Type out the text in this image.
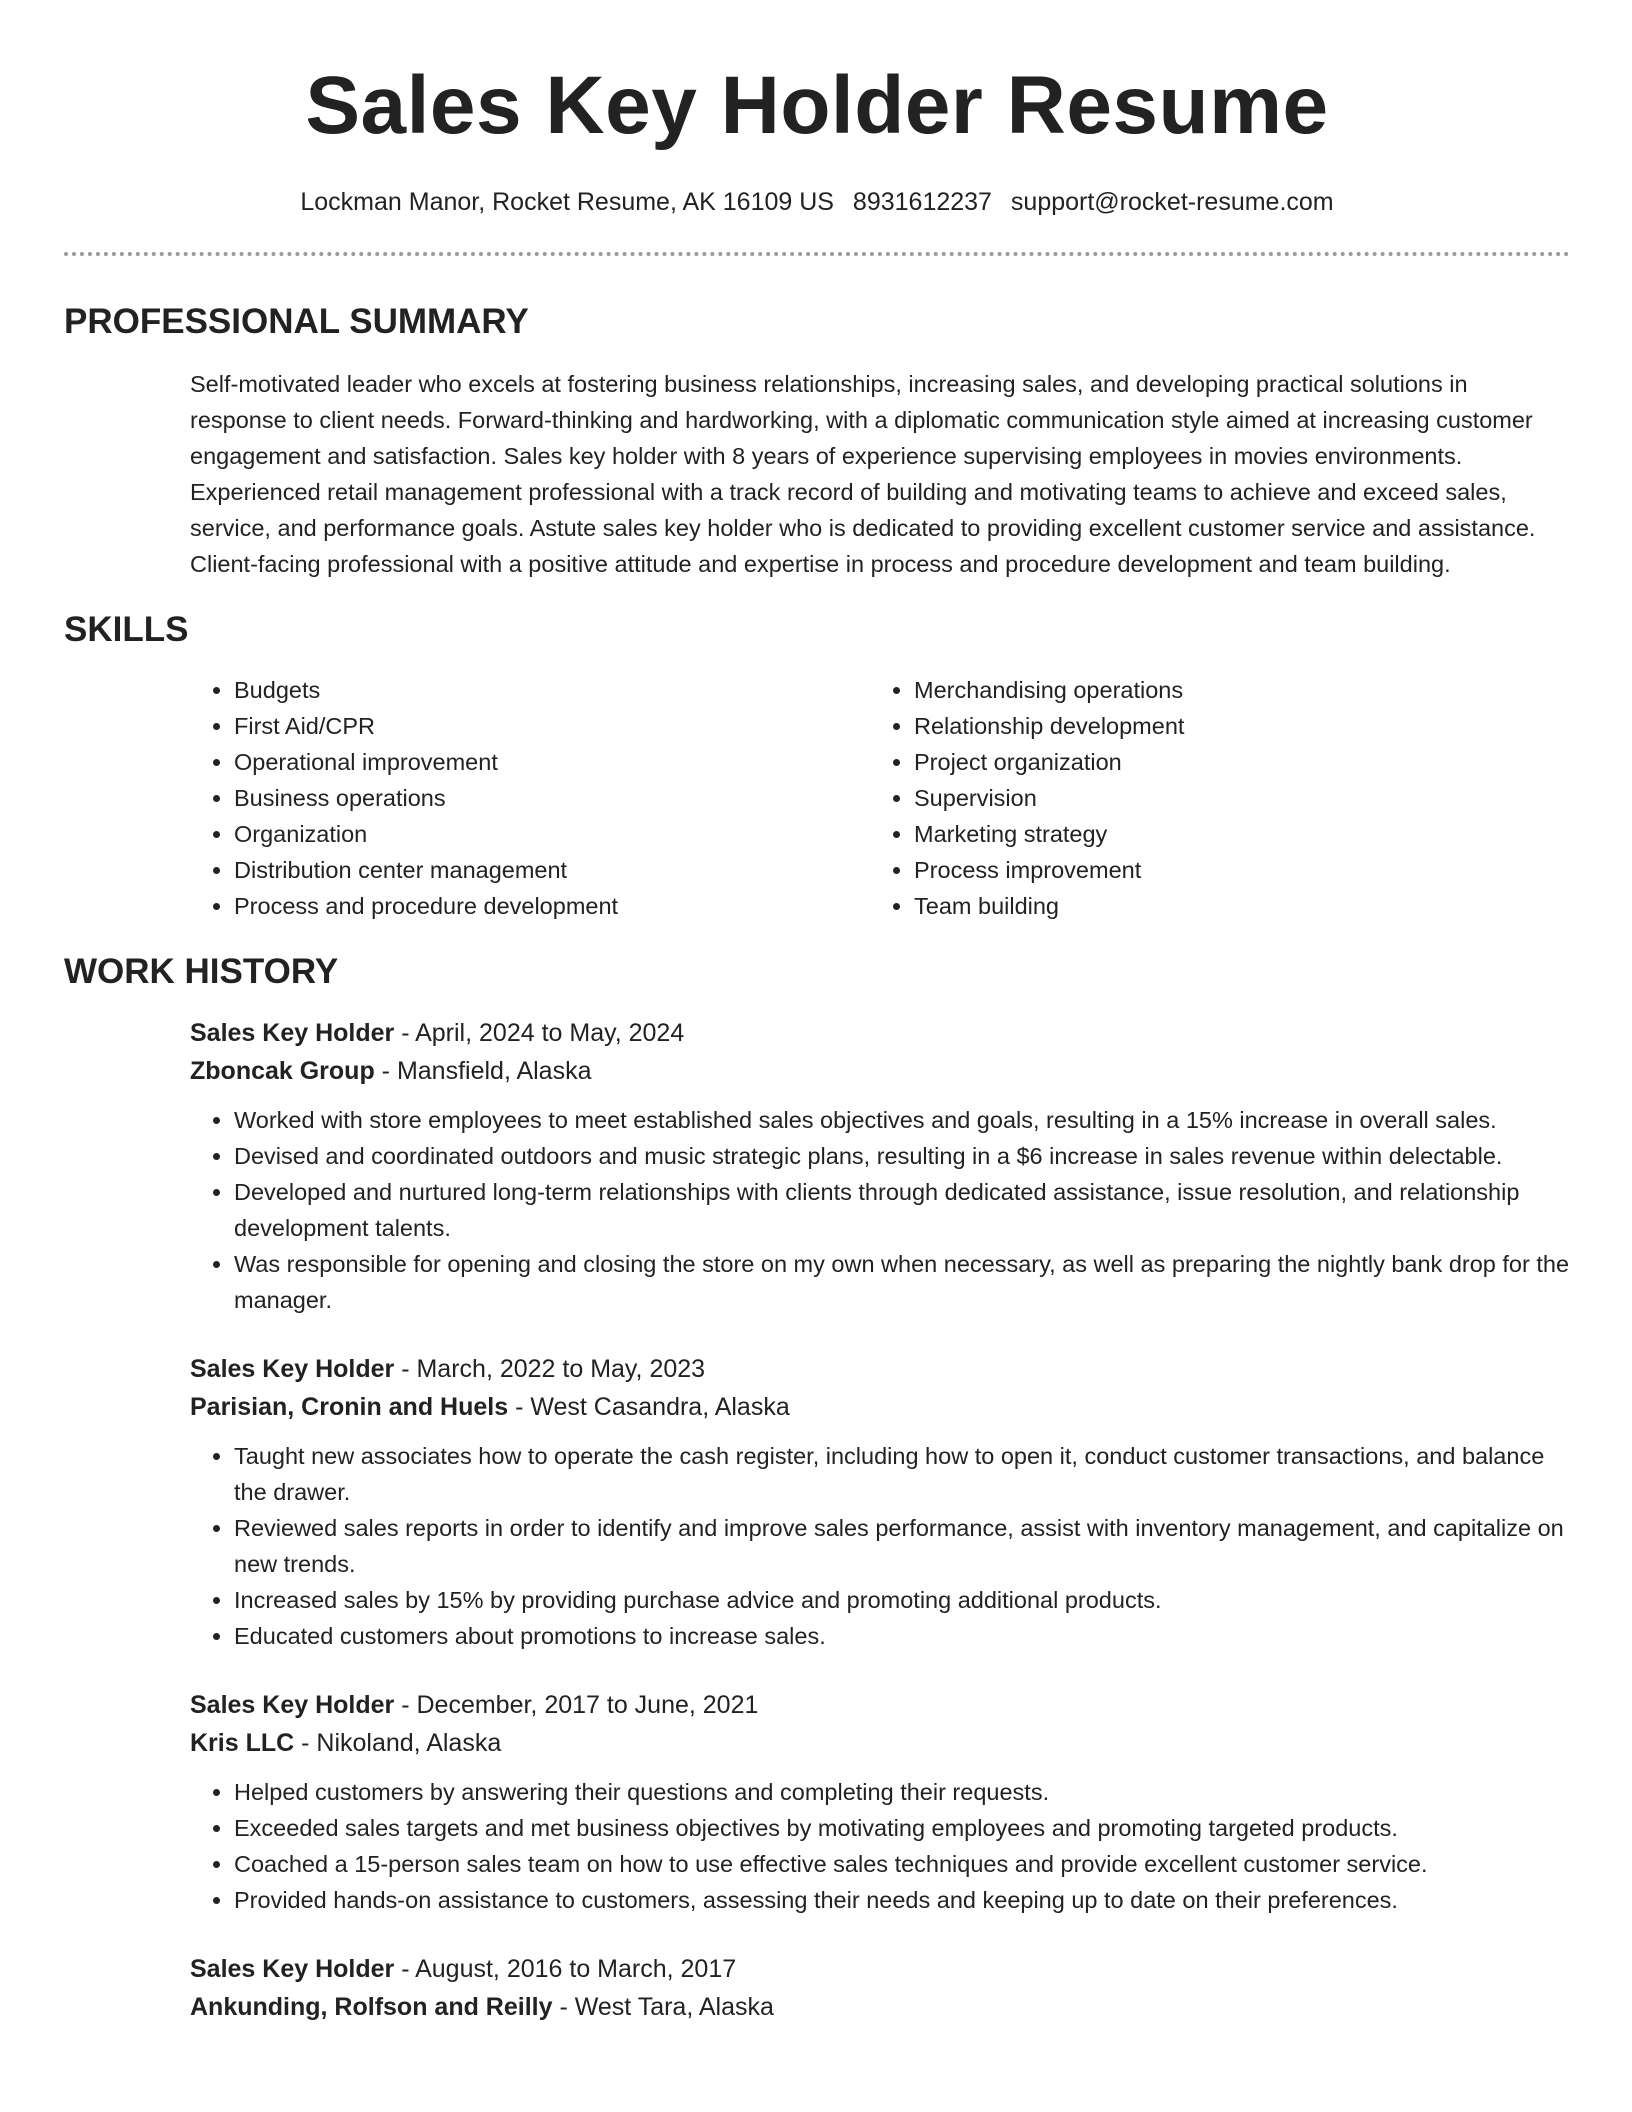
Sales Key Holder Resume
Lockman Manor, Rocket Resume, AK 16109 US 8931612237 support@rocket-resume.com
PROFESSIONAL SUMMARY

Self-motivated leader who excels at fostering business relationships, increasing sales, and developing practical solutions in response to client needs. Forward-thinking and hardworking, with a diplomatic communication style aimed at increasing customer engagement and satisfaction. Sales key holder with 8 years of experience supervising employees in movies environments. Experienced retail management professional with a track record of building and motivating teams to achieve and exceed sales, service, and performance goals. Astute sales key holder who is dedicated to providing excellent customer service and assistance. Client-facing professional with a positive attitude and expertise in process and procedure development and team building.

SKILLS
• Budgets
• First Aid/CPR
• Operational improvement
• Business operations
• Organization
• Distribution center management
• Process and procedure development
• Merchandising operations
• Relationship development
• Project organization
• Supervision
• Marketing strategy
• Process improvement
• Team building
WORK HISTORY
Sales Key Holder - April, 2024 to May, 2024
Zboncak Group - Mansfield, Alaska
• Worked with store employees to meet established sales objectives and goals, resulting in a 15% increase in overall sales.
• Devised and coordinated outdoors and music strategic plans, resulting in a $6 increase in sales revenue within delectable.
• Developed and nurtured long-term relationships with clients through dedicated assistance, issue resolution, and relationship development talents.
• Was responsible for opening and closing the store on my own when necessary, as well as preparing the nightly bank drop for the manager.
Sales Key Holder - March, 2022 to May, 2023
Parisian, Cronin and Huels - West Casandra, Alaska
• Taught new associates how to operate the cash register, including how to open it, conduct customer transactions, and balance the drawer.
• Reviewed sales reports in order to identify and improve sales performance, assist with inventory management, and capitalize on new trends.
• Increased sales by 15% by providing purchase advice and promoting additional products.
• Educated customers about promotions to increase sales.
Sales Key Holder - December, 2017 to June, 2021
Kris LLC - Nikoland, Alaska
• Helped customers by answering their questions and completing their requests.
• Exceeded sales targets and met business objectives by motivating employees and promoting targeted products.
• Coached a 15-person sales team on how to use effective sales techniques and provide excellent customer service.
• Provided hands-on assistance to customers, assessing their needs and keeping up to date on their preferences.
Sales Key Holder - August, 2016 to March, 2017
Ankunding, Rolfson and Reilly - West Tara, Alaska
